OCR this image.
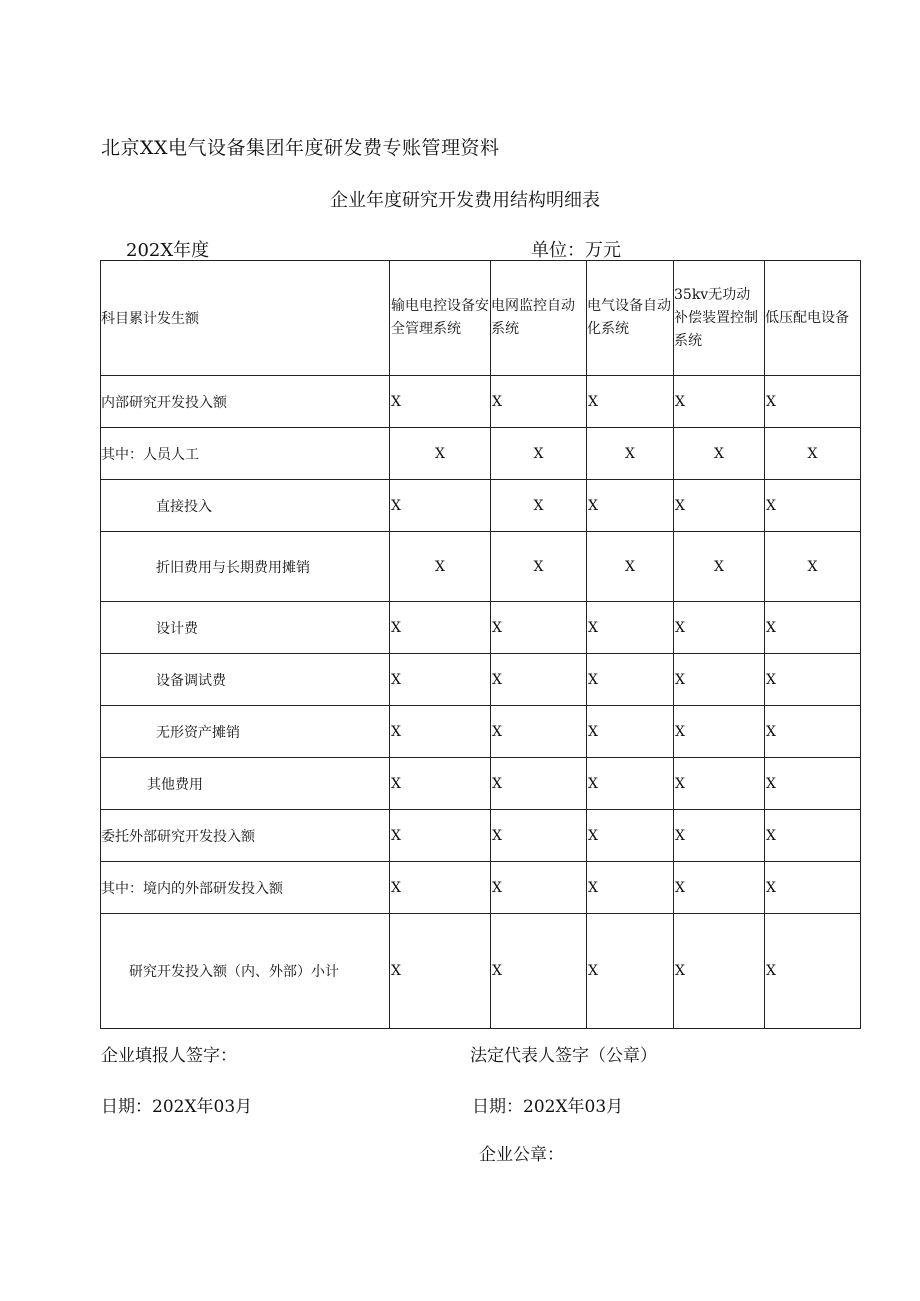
北京XX电气设备集团年度研发费专账管理资料
企业年度研究开发费用结构明细表
202X年度	单位：万元
科目累计发生额	输电电控设备安全管理系统	电网监控自动系统	电气设备自动化系统	35kv无功动补偿装置控制系统	低压配电设备
内部研究开发投入额	X	X	X	X	X
其中：人员人工	X	X	X	X	X
直接投入	X	X	X	X	X
折旧费用与长期费用摊销	X	X	X	X	X
设计费	X	X	X	X	X
设备调试费	X	X	X	X	X
无形资产摊销	X	X	X	X	X
其他费用	X	X	X	X	X
委托外部研究开发投入额	X	X	X	X	X
其中：境内的外部研发投入额	X	X	X	X	X
研究开发投入额（内、外部）小计	X	X	X	X	X
企业填报人签字：	法定代表人签字（公章）
日期：202X年03月	日期：202X年03月
企业公章：
